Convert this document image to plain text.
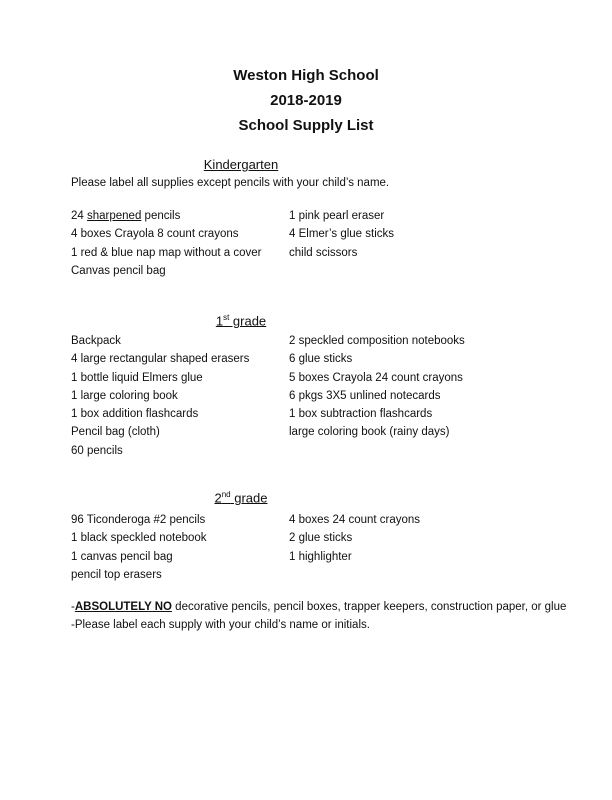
Weston High School
2018-2019
School Supply List
Kindergarten
Please label all supplies except pencils with your child’s name.
24 sharpened pencils
4 boxes Crayola 8 count crayons
1 red & blue nap map without a cover
Canvas pencil bag
1 pink pearl eraser
4 Elmer’s glue sticks
child scissors
1st grade
Backpack
4 large rectangular shaped erasers
1 bottle liquid Elmers glue
1 large coloring book
1 box addition flashcards
Pencil bag (cloth)
60 pencils
2 speckled composition notebooks
6 glue sticks
5 boxes Crayola 24 count crayons
6 pkgs 3X5 unlined notecards
1 box subtraction flashcards
large coloring book (rainy days)
2nd grade
96 Ticonderoga #2 pencils
1 black speckled notebook
1 canvas pencil bag
pencil top erasers
4 boxes 24 count crayons
2 glue sticks
1 highlighter
-ABSOLUTELY NO decorative pencils, pencil boxes, trapper keepers, construction paper, or glue
-Please label each supply with your child’s name or initials.
